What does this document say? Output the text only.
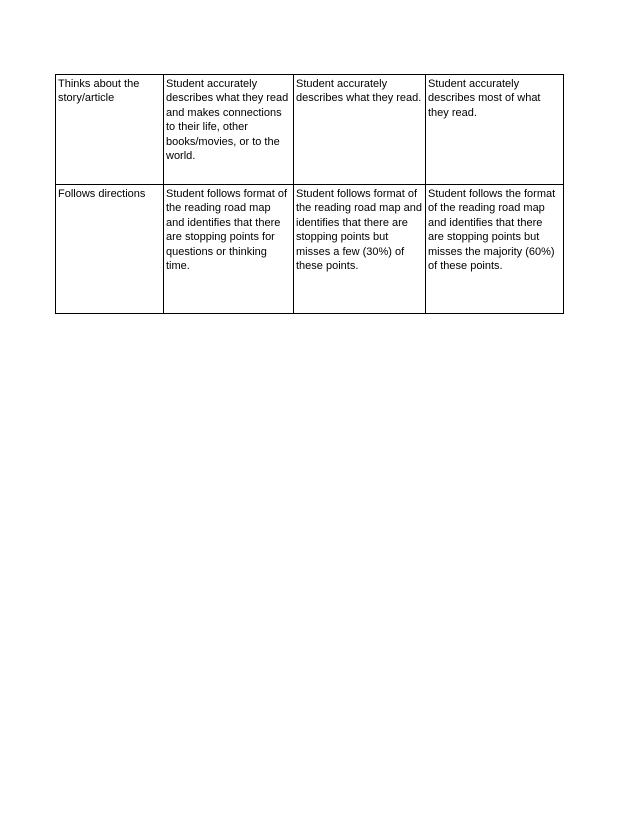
Thinks about the story/article	Student accurately describes what they read and makes connections to their life, other books/movies, or to the world.	Student accurately describes what they read.	Student accurately describes most of what they read.

Follows directions	Student follows format of the reading road map and identifies that there are stopping points for questions or thinking time.	Student follows format of the reading road map and identifies that there are stopping points but misses a few (30%) of these points.	Student follows the format of the reading road map and identifies that there are stopping points but misses the majority (60%) of these points.
